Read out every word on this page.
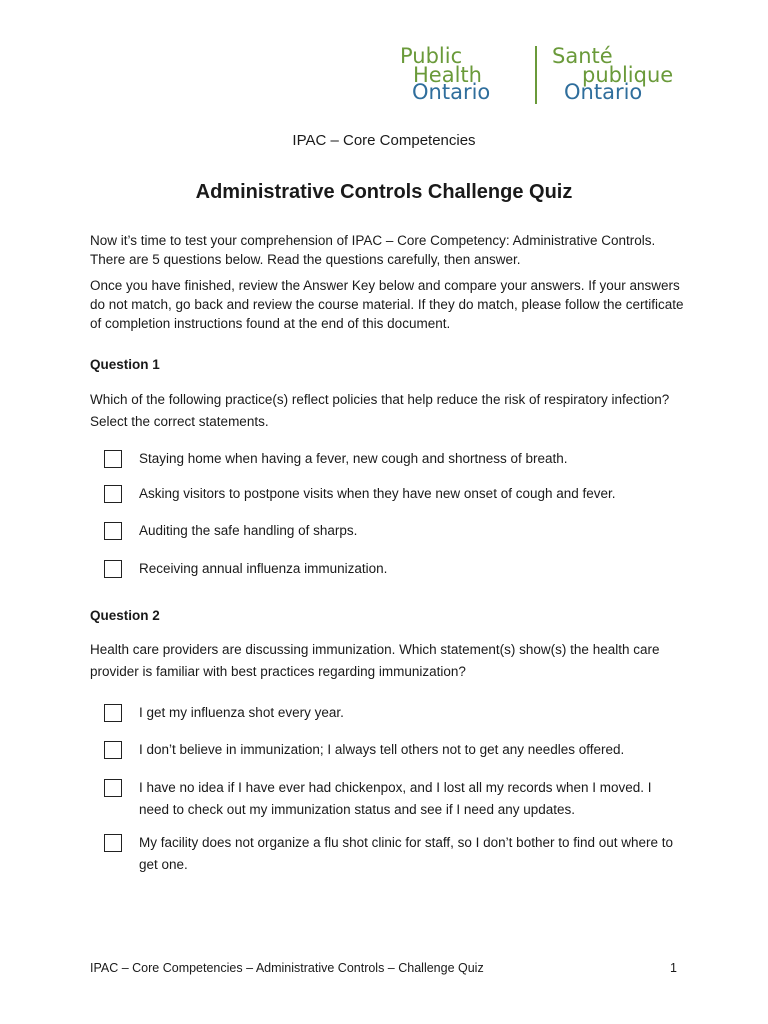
Public
Health
Ontario
Santé
publique
Ontario
IPAC – Core Competencies
Administrative Controls Challenge Quiz
Now it’s time to test your comprehension of IPAC – Core Competency: Administrative Controls. There are 5 questions below. Read the questions carefully, then answer.
Once you have finished, review the Answer Key below and compare your answers. If your answers do not match, go back and review the course material. If they do match, please follow the certificate of completion instructions found at the end of this document.
Question 1
Which of the following practice(s) reflect policies that help reduce the risk of respiratory infection? Select the correct statements.
Staying home when having a fever, new cough and shortness of breath.
Asking visitors to postpone visits when they have new onset of cough and fever.
Auditing the safe handling of sharps.
Receiving annual influenza immunization.
Question 2
Health care providers are discussing immunization. Which statement(s) show(s) the health care provider is familiar with best practices regarding immunization?
I get my influenza shot every year.
I don’t believe in immunization; I always tell others not to get any needles offered.
I have no idea if I have ever had chickenpox, and I lost all my records when I moved. I need to check out my immunization status and see if I need any updates.
My facility does not organize a flu shot clinic for staff, so I don’t bother to find out where to get one.
IPAC – Core Competencies – Administrative Controls – Challenge Quiz	1
